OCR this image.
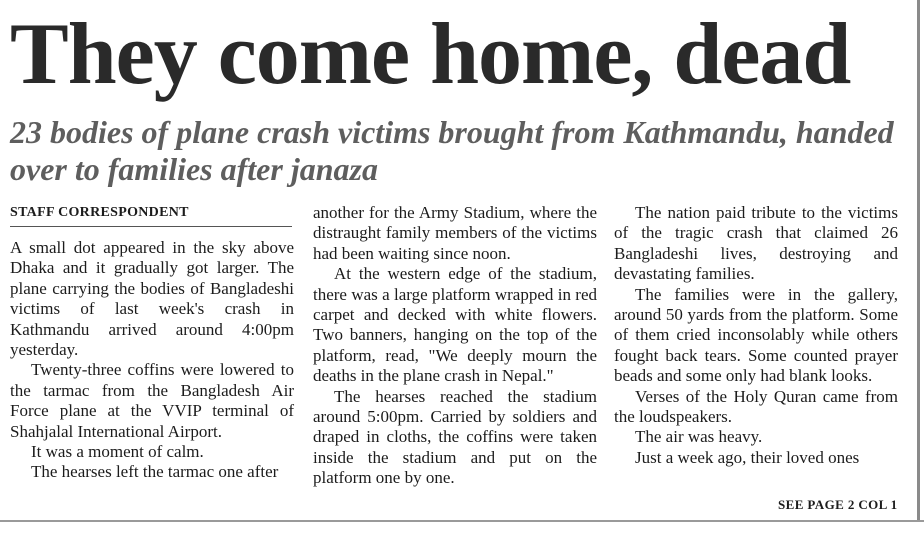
They come home, dead
23 bodies of plane crash victims brought from Kathmandu, handed over to families after janaza
STAFF CORRESPONDENT

A small dot appeared in the sky above Dhaka and it gradually got larger. The plane carrying the bodies of Bangladeshi victims of last week's crash in Kathmandu arrived around 4:00pm yesterday.

Twenty-three coffins were lowered to the tarmac from the Bangladesh Air Force plane at the VVIP terminal of Shahjalal International Airport.

It was a moment of calm.

The hearses left the tarmac one after

another for the Army Stadium, where the distraught family members of the victims had been waiting since noon.

At the western edge of the stadium, there was a large platform wrapped in red carpet and decked with white flowers. Two banners, hanging on the top of the platform, read, "We deeply mourn the deaths in the plane crash in Nepal."

The hearses reached the stadium around 5:00pm. Carried by soldiers and draped in cloths, the coffins were taken inside the stadium and put on the platform one by one.

The nation paid tribute to the victims of the tragic crash that claimed 26 Bangladeshi lives, destroying and devastating families.

The families were in the gallery, around 50 yards from the platform. Some of them cried inconsolably while others fought back tears. Some counted prayer beads and some only had blank looks.

Verses of the Holy Quran came from the loudspeakers.

The air was heavy.

Just a week ago, their loved ones

SEE PAGE 2 COL 1
